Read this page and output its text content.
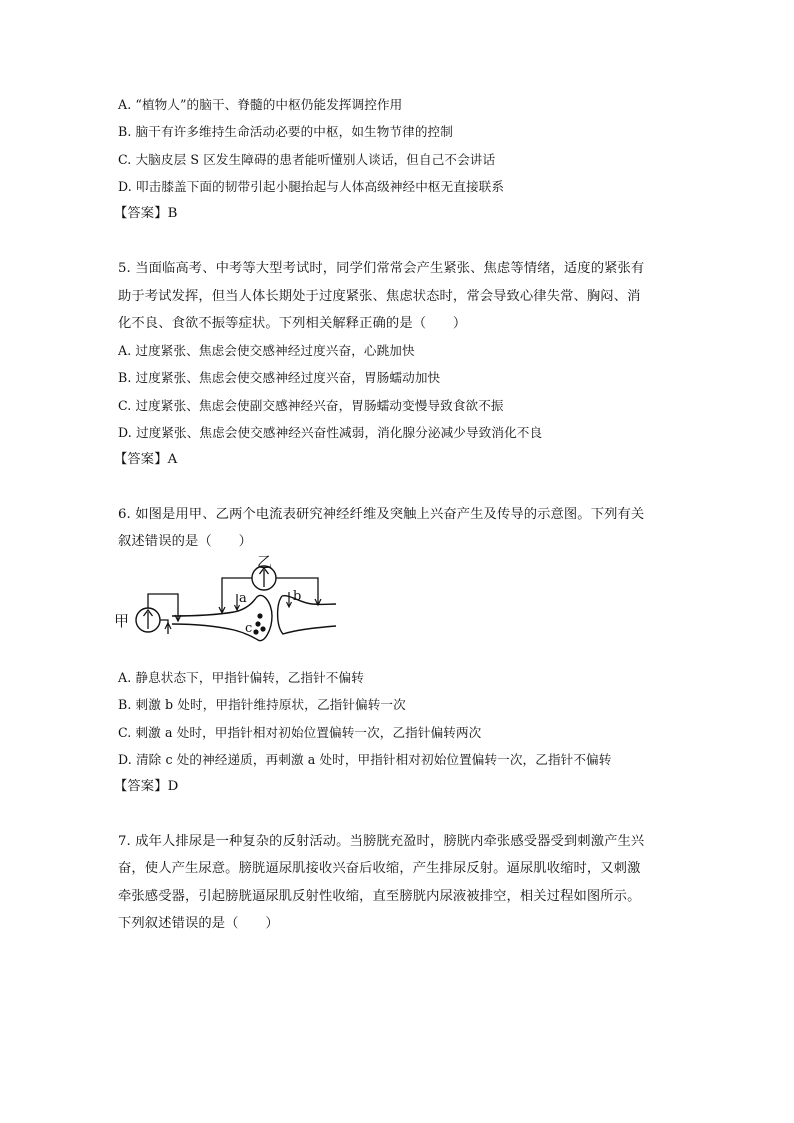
A. “植物人”的脑干、脊髓的中枢仍能发挥调控作用
B. 脑干有许多维持生命活动必要的中枢，如生物节律的控制
C. 大脑皮层 S 区发生障碍的患者能听懂别人谈话，但自己不会讲话
D. 叩击膝盖下面的韧带引起小腿抬起与人体高级神经中枢无直接联系
【答案】B
5. 当面临高考、中考等大型考试时，同学们常常会产生紧张、焦虑等情绪，适度的紧张有
助于考试发挥，但当人体长期处于过度紧张、焦虑状态时，常会导致心律失常、胸闷、消
化不良、食欲不振等症状。下列相关解释正确的是（　　）
A. 过度紧张、焦虑会使交感神经过度兴奋，心跳加快
B. 过度紧张、焦虑会使交感神经过度兴奋，胃肠蠕动加快
C. 过度紧张、焦虑会使副交感神经兴奋，胃肠蠕动变慢导致食欲不振
D. 过度紧张、焦虑会使交感神经兴奋性减弱，消化腺分泌减少导致消化不良
【答案】A
6. 如图是用甲、乙两个电流表研究神经纤维及突触上兴奋产生及传导的示意图。下列有关
叙述错误的是（　　）
甲
乙
a	b
c
A. 静息状态下，甲指针偏转，乙指针不偏转
B. 刺激 b 处时，甲指针维持原状，乙指针偏转一次
C. 刺激 a 处时，甲指针相对初始位置偏转一次，乙指针偏转两次
D. 清除 c 处的神经递质，再刺激 a 处时，甲指针相对初始位置偏转一次，乙指针不偏转
【答案】D
7. 成年人排尿是一种复杂的反射活动。当膀胱充盈时，膀胱内牵张感受器受到刺激产生兴
奋，使人产生尿意。膀胱逼尿肌接收兴奋后收缩，产生排尿反射。逼尿肌收缩时，又刺激
牵张感受器，引起膀胱逼尿肌反射性收缩，直至膀胱内尿液被排空，相关过程如图所示。
下列叙述错误的是（　　）
